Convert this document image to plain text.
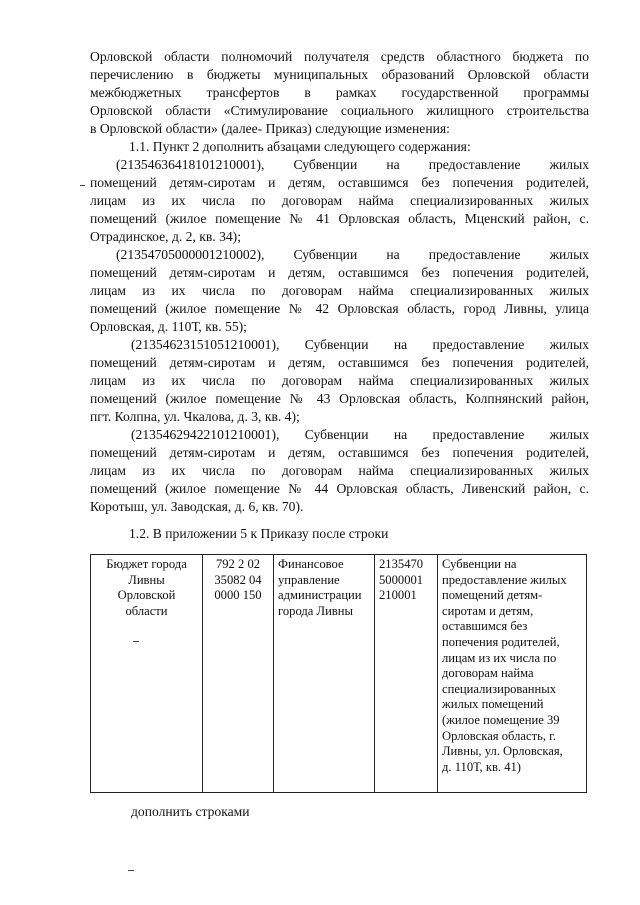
Орловской области полномочий получателя средств областного бюджета по
перечислению в бюджеты муниципальных образований Орловской области
межбюджетных трансфертов в рамках государственной программы
Орловской области «Стимулирование социального жилищного строительства
в Орловской области» (далее- Приказ) следующие изменения:
1.1. Пункт 2 дополнить абзацами следующего содержания:
(21354636418101210001), Субвенции на предоставление жилых
помещений детям-сиротам и детям, оставшимся без попечения родителей,
лицам из их числа по договорам найма специализированных жилых
помещений (жилое помещение № 41 Орловская область, Мценский район, с.
Отрадинское, д. 2, кв. 34);
(21354705000001210002), Субвенции на предоставление жилых
помещений детям-сиротам и детям, оставшимся без попечения родителей,
лицам из их числа по договорам найма специализированных жилых
помещений (жилое помещение № 42 Орловская область, город Ливны, улица
Орловская, д. 110Т, кв. 55);
(21354623151051210001), Субвенции на предоставление жилых
помещений детям-сиротам и детям, оставшимся без попечения родителей,
лицам из их числа по договорам найма специализированных жилых
помещений (жилое помещение № 43 Орловская область, Колпнянский район,
пгт. Колпна, ул. Чкалова, д. 3, кв. 4);
(21354629422101210001), Субвенции на предоставление жилых
помещений детям-сиротам и детям, оставшимся без попечения родителей,
лицам из их числа по договорам найма специализированных жилых
помещений (жилое помещение № 44 Орловская область, Ливенский район, с.
Коротыш, ул. Заводская, д. 6, кв. 70).
1.2. В приложении 5 к Приказу после строки
Бюджет города
Ливны
Орловской
области

792 2 02
35082 04
0000 150

Финансовое
управление
администрации
города Ливны

2135470
5000001
210001

Субвенции на
предоставление жилых
помещений детям-
сиротам и детям,
оставшимся без
попечения родителей,
лицам из их числа по
договорам найма
специализированных
жилых помещений
(жилое помещение 39
Орловская область, г.
Ливны, ул. Орловская,
д. 110Т, кв. 41)
дополнить строками
